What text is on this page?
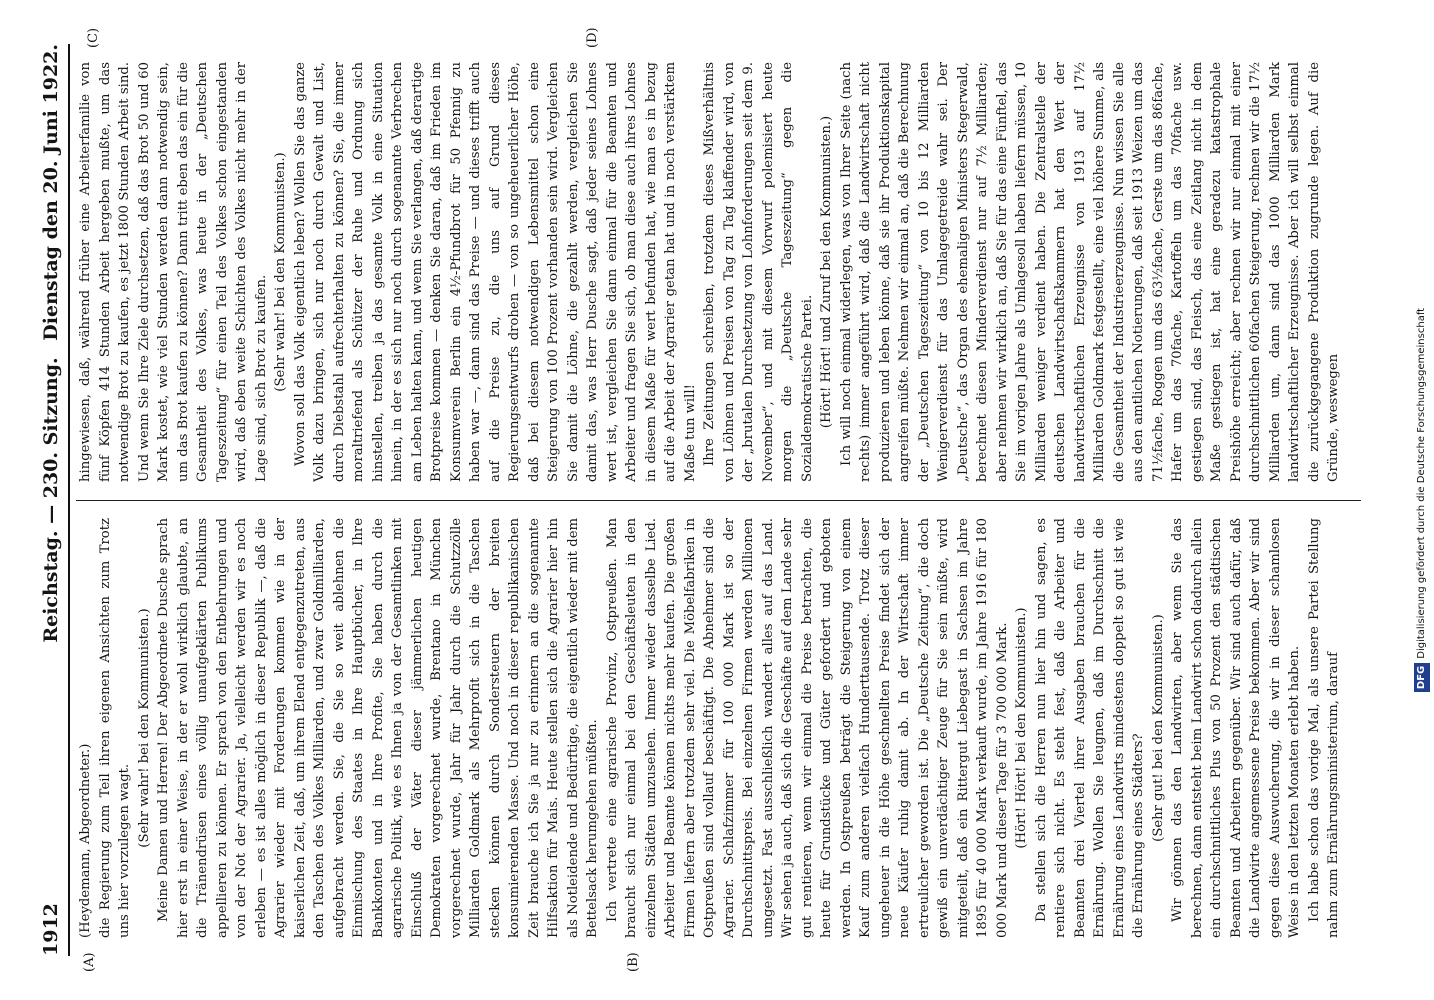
1912
Reichstag. — 230. Sitzung.
Dienstag den 20. Juni 1922.
(A)	(B)
(C)	(D)

(Heydemann, Abgeordneter.) die Regierung zum Teil ihren eigenen Ansichten zum Trotz uns hier vorzulegen wagt.

(Sehr wahr! bei den Kommunisten.) Meine Damen und Herren! Der Abgeordnete Dusche sprach hier erst in einer Weise, in der er wohl wirklich glaubte, an die Tränendrüsen eines völlig unaufgeklärten Publikums appellieren zu können. Er sprach von den Entbehrungen und von der Not der Agrarier. Ja, vielleicht werden wir es noch erleben — es ist alles möglich in dieser Republik —, daß die Agrarier wieder mit Forderungen kommen wie in der kaiserlichen Zeit, daß, um ihrem Elend entgegenzutreten, aus den Taschen des Volkes Milliarden, und zwar Goldmilliarden, aufgebracht werden. Sie, die Sie so weit ablehnen die Einmischung des Staates in Ihre Hauptbücher, in Ihre Bankkonten und in Ihre Profite, Sie haben durch die agrarische Politik, wie es Ihnen ja von der Gesamtlinken mit Einschluß der Väter dieser jämmerlichen heutigen Demokraten vorgerechnet wurde, Brentano in München vorgerechnet wurde, Jahr für Jahr durch die Schutzzölle Milliarden Goldmark als Mehrprofit sich in die Taschen stecken können durch Sondersteuern der breiten konsumierenden Masse. Und noch in dieser republikanischen Zeit brauche ich Sie ja nur zu erinnern an die sogenannte Hilfsaktion für Mais. Heute stellen sich die Agrarier hier hin als Notleidende und Bedürftige, die eigentlich wieder mit dem Bettelsack herumgehen müßten. Ich vertrete eine agrarische Provinz, Ostpreußen. Man braucht sich nur einmal bei den Geschäftsleuten in den einzelnen Städten umzusehen. Immer wieder dasselbe Lied. Arbeiter und Beamte können nichts mehr kaufen. Die großen Firmen liefern aber trotzdem sehr viel. Die Möbelfabriken in Ostpreußen sind vollauf beschäftigt. Die Abnehmer sind die Agrarier. Schlafzimmer für 100 000 Mark ist so der Durchschnittspreis. Bei einzelnen Firmen werden Millionen umgesetzt. Fast ausschließlich wandert alles auf das Land. Wir sehen ja auch, daß sich die Geschäfte auf dem Lande sehr gut rentieren, wenn wir einmal die Preise betrachten, die heute für Grundstücke und Güter gefordert und geboten werden. In Ostpreußen beträgt die Steigerung von einem Kauf zum anderen vielfach Hunderttausende. Trotz dieser ungeheuer in die Höhe geschnellten Preise findet sich der neue Käufer ruhig damit ab. In der Wirtschaft immer ertreulicher geworden ist. Die „Deutsche Zeitung“, die doch gewiß ein unverdächtiger Zeuge für Sie sein müßte, wird mitgeteilt, daß ein Rittergut Liebegast in Sachsen im Jahre 1895 für 40 000 Mark verkauft wurde, im Jahre 1916 für 180 000 Mark und dieser Tage für 3 700 000 Mark. (Hört! Hört! bei den Kommunisten.) Da stellen sich die Herren nun hier hin und sagen, es rentiere sich nicht. Es steht fest, daß die Arbeiter und Beamten drei Viertel ihrer Ausgaben brauchen für die Ernährung. Wollen Sie leugnen, daß im Durchschnitt die Ernährung eines Landwirts mindestens doppelt so gut ist wie die Ernährung eines Städters? (Sehr gut! bei den Kommunisten.) Wir gönnen das den Landwirten, aber wenn Sie das berechnen, dann entsteht beim Landwirt schon dadurch allein ein durchschnittliches Plus von 50 Prozent den städtischen Beamten und Arbeitern gegenüber. Wir sind auch dafür, daß die Landwirte angemessene Preise bekommen. Aber wir sind gegen diese Auswucherung, die wir in dieser schamlosen Weise in den letzten Monaten erlebt haben. Ich habe schon das vorige Mal, als unsere Partei Stellung nahm zum Ernährungsministerium, darauf

hingewiesen, daß, während früher eine Arbeiterfamilie von fünf Köpfen 414 Stunden Arbeit hergeben mußte, um das notwendige Brot zu kaufen, es jetzt 1800 Stunden Arbeit sind. Und wenn Sie Ihre Ziele durchsetzen, daß das Brot 50 und 60 Mark kostet, wie viel Stunden werden dann notwendig sein, um das Brot kaufen zu können? Dann tritt eben das ein für die Gesamtheit des Volkes, was heute in der „Deutschen Tageszeitung“ für einen Teil des Volkes schon eingestanden wird, daß eben weite Schichten des Volkes nicht mehr in der Lage sind, sich Brot zu kaufen. (Sehr wahr! bei den Kommunisten.) Wovon soll das Volk eigentlich leben? Wollen Sie das ganze Volk dazu bringen, sich nur noch durch Gewalt und List, durch Diebstahl aufrechterhalten zu können? Sie, die immer moraltriefend als Schützer der Ruhe und Ordnung sich hinstellen, treiben ja das gesamte Volk in eine Situation hinein, in der es sich nur noch durch sogenannte Verbrechen am Leben halten kann, und wenn Sie verlangen, daß derartige Brotpreise kommen — denken Sie daran, daß im Frieden im Konsumverein Berlin ein 4½-Pfundbrot für 50 Pfennig zu haben war —, dann sind das Preise — und dieses trifft auch auf die Preise zu, die uns auf Grund dieses Regierungsentwurfs drohen — von so ungeheuerlicher Höhe, daß bei diesem notwendigen Lebensmittel schon eine Steigerung von 100 Prozent vorhanden sein wird. Vergleichen Sie damit die Löhne, die gezahlt werden, vergleichen Sie damit das, was Herr Dusche sagt, daß jeder seines Lohnes wert ist, vergleichen Sie dann einmal für die Beamten und Arbeiter und fragen Sie sich, ob man diese auch ihres Lohnes in diesem Maße für wert befunden hat, wie man es in bezug auf die Arbeit der Agrarier getan hat und in noch verstärktem Maße tun will! Ihre Zeitungen schreiben, trotzdem dieses Mißverhältnis von Löhnen und Preisen von Tag zu Tag klaffender wird, von der „brutalen Durchsetzung von Lohnforderungen seit dem 9. November“, und mit diesem Vorwurf polemisiert heute morgen die „Deutsche Tageszeitung“ gegen die Sozialdemokratische Partei. (Hört! Hört! und Zuruf bei den Kommunisten.) Ich will noch einmal widerlegen, was von Ihrer Seite (nach rechts) immer angeführt wird, daß die Landwirtschaft nicht produzieren und leben könne, daß sie ihr Produktionskapital angreifen müßte. Nehmen wir einmal an, daß die Berechnung der „Deutschen Tageszeitung“ von 10 bis 12 Milliarden Wenigerverdienst für das Umlagegetreide wahr sei. Der „Deutsche“, das Organ des ehemaligen Ministers Stegerwald, berechnet diesen Minderverdienst nur auf 7½ Milliarden; aber nehmen wir wirklich an, daß Sie für das eine Fünftel, das Sie im vorigen Jahre als Umlagesoll haben liefern müssen, 10 Milliarden weniger verdient haben. Die Zentralstelle der deutschen Landwirtschaftskammern hat den Wert der landwirtschaftlichen Erzeugnisse von 1913 auf 17½ Milliarden Goldmark festgestellt, eine viel höhere Summe, als die Gesamtheit der Industrieerzeugnisse. Nun wissen Sie alle aus den amtlichen Notierungen, daß seit 1913 Weizen um das 71½fache, Roggen um das 63½fache, Gerste um das 86fache, Hafer um das 70fache, Kartoffeln um das 70fache usw. gestiegen sind, das Fleisch, das eine Zeitlang nicht in dem Maße gestiegen ist, hat eine geradezu katastrophale Preishöhe erreicht; aber rechnen wir nur einmal mit einer durchschnittlichen 60fachen Steigerung, rechnen wir die 17½ Milliarden um, dann sind das 1000 Milliarden Mark landwirtschaftlicher Erzeugnisse. Aber ich will selbst einmal die zurückgegangene Produktion zugrunde legen. Auf die Gründe, weswegen

DFGDigitalisierung gefördert durch die Deutsche Forschungsgemeinschaft
